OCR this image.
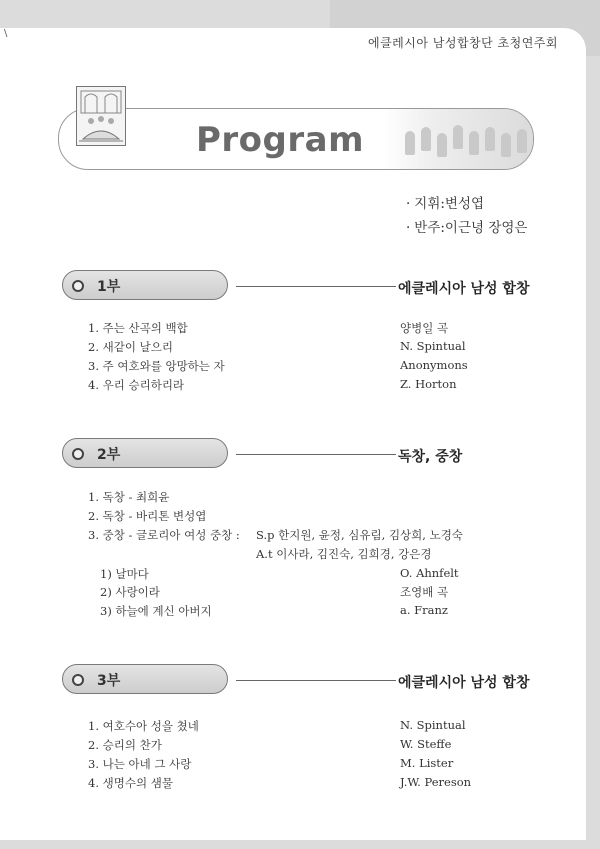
\
에클레시아 남성합창단 초청연주회
Program
· 지휘:변성엽
· 반주:이근녕 장영은
1부	에클레시아 남성 합창
1. 주는 산곡의 백합	양병일 곡
2. 새같이 날으리	N. Spintual
3. 주 여호와를 앙망하는 자	Anonymons
4. 우리 승리하리라	Z. Horton
2부	독창, 중창
1. 독창 - 최희윤
2. 독창 - 바리톤 변성엽
3. 중창 - 글로리아 여성 중창 : S.p 한지원, 윤정, 심유림, 김상희, 노경숙
A.t 이사라, 김진숙, 김희경, 강은경
1) 날마다	O. Ahnfelt
2) 사랑이라	조영배 곡
3) 하늘에 계신 아버지	a. Franz
3부	에클레시아 남성 합창
1. 여호수아 성을 쳤네	N. Spintual
2. 승리의 찬가	W. Steffe
3. 나는 아네 그 사랑	M. Lister
4. 생명수의 샘물	J.W. Pereson
